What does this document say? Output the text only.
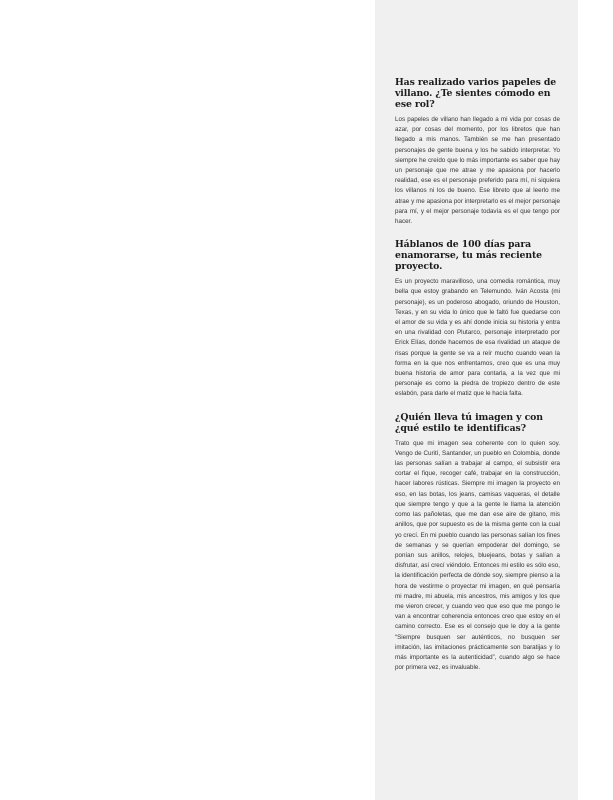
Has realizado varios papeles de villano. ¿Te sientes cómodo en ese rol?

Los papeles de villano han llegado a mi vida por cosas de azar, por cosas del momento, por los libretos que han llegado a mis manos. También se me han presentado personajes de gente buena y los he sabido interpretar. Yo siempre he creído que lo más importante es saber que hay un personaje que me atrae y me apasiona por hacerlo realidad, ese es el personaje preferido para mí, ni siquiera los villanos ni los de bueno. Ese libreto que al leerlo me atrae y me apasiona por interpretarlo es el mejor personaje para mí, y el mejor personaje todavía es el que tengo por hacer.

Háblanos de 100 días para enamorarse, tu más reciente proyecto.

Es un proyecto maravilloso, una comedia romántica, muy bella que estoy grabando en Telemundo. Iván Acosta (mi personaje), es un poderoso abogado, oriundo de Houston, Texas, y en su vida lo único que le faltó fue quedarse con el amor de su vida y es ahí donde inicia su historia y entra en una rivalidad con Plutarco, personaje interpretado por Erick Elías, donde hacemos de esa rivalidad un ataque de risas porque la gente se va a reír mucho cuando vean la forma en la que nos enfrentamos, creo que es una muy buena historia de amor para contarla, a la vez que mi personaje es como la piedra de tropiezo dentro de este eslabón, para darle el matiz que le hacía falta.

¿Quién lleva tú imagen y con ¿qué estilo te identificas?

Trato que mi imagen sea coherente con lo quien soy. Vengo de Curití, Santander, un pueblo en Colombia, donde las personas salían a trabajar al campo, el subsistir era cortar el fique, recoger café, trabajar en la construcción, hacer labores rústicas. Siempre mi imagen la proyecto en eso, en las botas, los jeans, camisas vaqueras, el detalle que siempre tengo y que a la gente le llama la atención como las pañoletas, que me dan ese aire de gitano, mis anillos, que por supuesto es de la misma gente con la cual yo crecí. En mi pueblo cuando las personas salían los fines de semanas y se querían empoderar del domingo, se ponían sus anillos, relojes, bluejeans, botas y salían a disfrutar, así crecí viéndolo. Entonces mi estilo es sólo eso, la identificación perfecta de dónde soy, siempre pienso a la hora de vestirme o proyectar mi imagen, en qué pensaría mi madre, mi abuela, mis ancestros, mis amigos y los que me vieron crecer, y cuando veo que eso que me pongo le van a encontrar coherencia entonces creo que estoy en el camino correcto. Ese es el consejo que le doy a la gente “Siempre busquen ser auténticos, no busquen ser imitación, las imitaciones prácticamente son baratijas y lo más importante es la autenticidad”, cuando algo se hace por primera vez, es invaluable.
